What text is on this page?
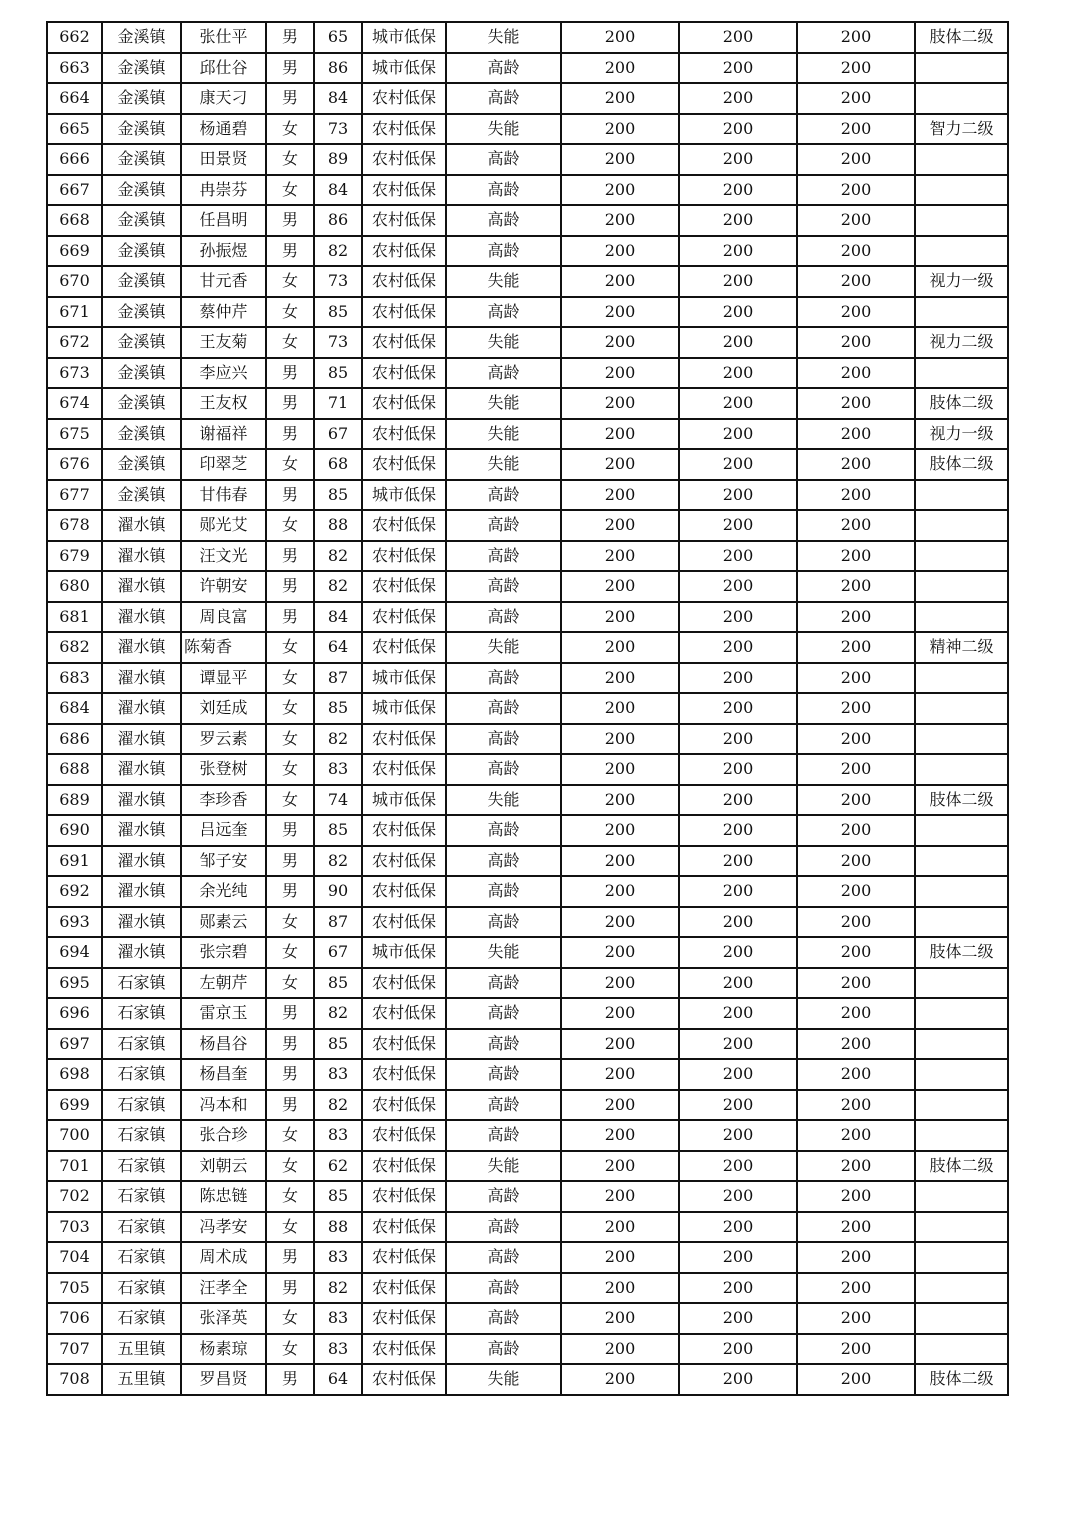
662	金溪镇	张仕平	男	65	城市低保	失能	200	200	200	肢体二级
663	金溪镇	邱仕谷	男	86	城市低保	高龄	200	200	200	
664	金溪镇	康天刁	男	84	农村低保	高龄	200	200	200	
665	金溪镇	杨通碧	女	73	农村低保	失能	200	200	200	智力二级
666	金溪镇	田景贤	女	89	农村低保	高龄	200	200	200	
667	金溪镇	冉崇芬	女	84	农村低保	高龄	200	200	200	
668	金溪镇	任昌明	男	86	农村低保	高龄	200	200	200	
669	金溪镇	孙振煜	男	82	农村低保	高龄	200	200	200	
670	金溪镇	甘元香	女	73	农村低保	失能	200	200	200	视力一级
671	金溪镇	蔡仲芹	女	85	农村低保	高龄	200	200	200	
672	金溪镇	王友菊	女	73	农村低保	失能	200	200	200	视力二级
673	金溪镇	李应兴	男	85	农村低保	高龄	200	200	200	
674	金溪镇	王友权	男	71	农村低保	失能	200	200	200	肢体二级
675	金溪镇	谢福祥	男	67	农村低保	失能	200	200	200	视力一级
676	金溪镇	印翠芝	女	68	农村低保	失能	200	200	200	肢体二级
677	金溪镇	甘伟春	男	85	城市低保	高龄	200	200	200	
678	濯水镇	郧光艾	女	88	农村低保	高龄	200	200	200	
679	濯水镇	汪文光	男	82	农村低保	高龄	200	200	200	
680	濯水镇	许朝安	男	82	农村低保	高龄	200	200	200	
681	濯水镇	周良富	男	84	农村低保	高龄	200	200	200	
682	濯水镇	陈菊香	女	64	农村低保	失能	200	200	200	精神二级
683	濯水镇	谭显平	女	87	城市低保	高龄	200	200	200	
684	濯水镇	刘廷成	女	85	城市低保	高龄	200	200	200	
686	濯水镇	罗云素	女	82	农村低保	高龄	200	200	200	
688	濯水镇	张登树	女	83	农村低保	高龄	200	200	200	
689	濯水镇	李珍香	女	74	城市低保	失能	200	200	200	肢体二级
690	濯水镇	吕远奎	男	85	农村低保	高龄	200	200	200	
691	濯水镇	邹子安	男	82	农村低保	高龄	200	200	200	
692	濯水镇	余光纯	男	90	农村低保	高龄	200	200	200	
693	濯水镇	郧素云	女	87	农村低保	高龄	200	200	200	
694	濯水镇	张宗碧	女	67	城市低保	失能	200	200	200	肢体二级
695	石家镇	左朝芹	女	85	农村低保	高龄	200	200	200	
696	石家镇	雷京玉	男	82	农村低保	高龄	200	200	200	
697	石家镇	杨昌谷	男	85	农村低保	高龄	200	200	200	
698	石家镇	杨昌奎	男	83	农村低保	高龄	200	200	200	
699	石家镇	冯本和	男	82	农村低保	高龄	200	200	200	
700	石家镇	张合珍	女	83	农村低保	高龄	200	200	200	
701	石家镇	刘朝云	女	62	农村低保	失能	200	200	200	肢体二级
702	石家镇	陈忠链	女	85	农村低保	高龄	200	200	200	
703	石家镇	冯孝安	女	88	农村低保	高龄	200	200	200	
704	石家镇	周术成	男	83	农村低保	高龄	200	200	200	
705	石家镇	汪孝全	男	82	农村低保	高龄	200	200	200	
706	石家镇	张泽英	女	83	农村低保	高龄	200	200	200	
707	五里镇	杨素琼	女	83	农村低保	高龄	200	200	200	
708	五里镇	罗昌贤	男	64	农村低保	失能	200	200	200	肢体二级
